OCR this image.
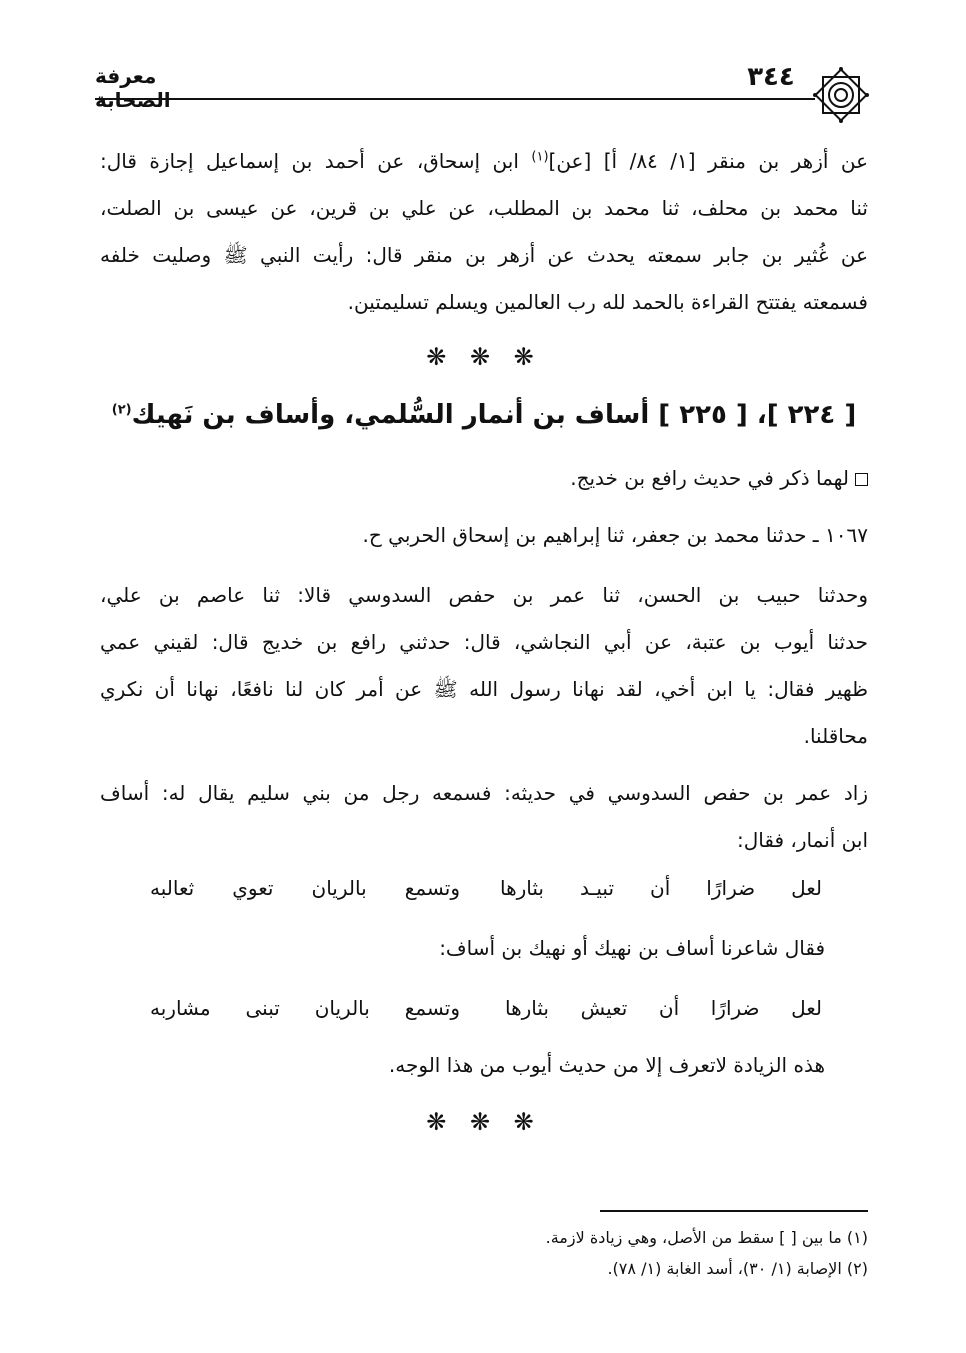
٣٤٤
معرفة الصحابة
عن أزهر بن منقر [١/ ٨٤/ أ] [عن]$^{(١)}$ ابن إسحاق، عن أحمد بن إسماعيل إجازة قال:
ثنا محمد بن محلف، ثنا محمد بن المطلب، عن علي بن قرين، عن عيسى بن الصلت،
عن غُثير بن جابر سمعته يحدث عن أزهر بن منقر قال: رأيت النبي ﷺ وصليت خلفه
فسمعته يفتتح القراءة بالحمد لله رب العالمين ويسلم تسليمتين.
❋ ❋ ❋
[ ٢٢٤ ]، [ ٢٢٥ ] أساف بن أنمار السُّلمي، وأساف بن نَهيك$^{(٢)}$
لهما ذكر في حديث رافع بن خديج.
١٠٦٧ ـ حدثنا محمد بن جعفر، ثنا إبراهيم بن إسحاق الحربي ح.
وحدثنا حبيب بن الحسن، ثنا عمر بن حفص السدوسي قالا: ثنا عاصم بن علي،
حدثنا أيوب بن عتبة، عن أبي النجاشي، قال: حدثني رافع بن خديج قال: لقيني عمي
ظهير فقال: يا ابن أخي، لقد نهانا رسول الله ﷺ عن أمر كان لنا نافعًا، نهانا أن نكري
محاقلنا.
زاد عمر بن حفص السدوسي في حديثه: فسمعه رجل من بني سليم يقال له: أساف
ابن أنمار، فقال:
لعل ضرارًا أن تبيـد بثارها
وتسمع بالريان تعوي ثعالبه
فقال شاعرنا أساف بن نهيك أو نهيك بن أساف:
لعل ضرارًا أن تعيش بثارها
وتسمع بالريان تبنى مشاربه
هذه الزيادة لاتعرف إلا من حديث أيوب من هذا الوجه.
❋ ❋ ❋
(١) ما بين [ ] سقط من الأصل، وهي زيادة لازمة.
(٢) الإصابة (١/ ٣٠)، أسد الغابة (١/ ٧٨).
